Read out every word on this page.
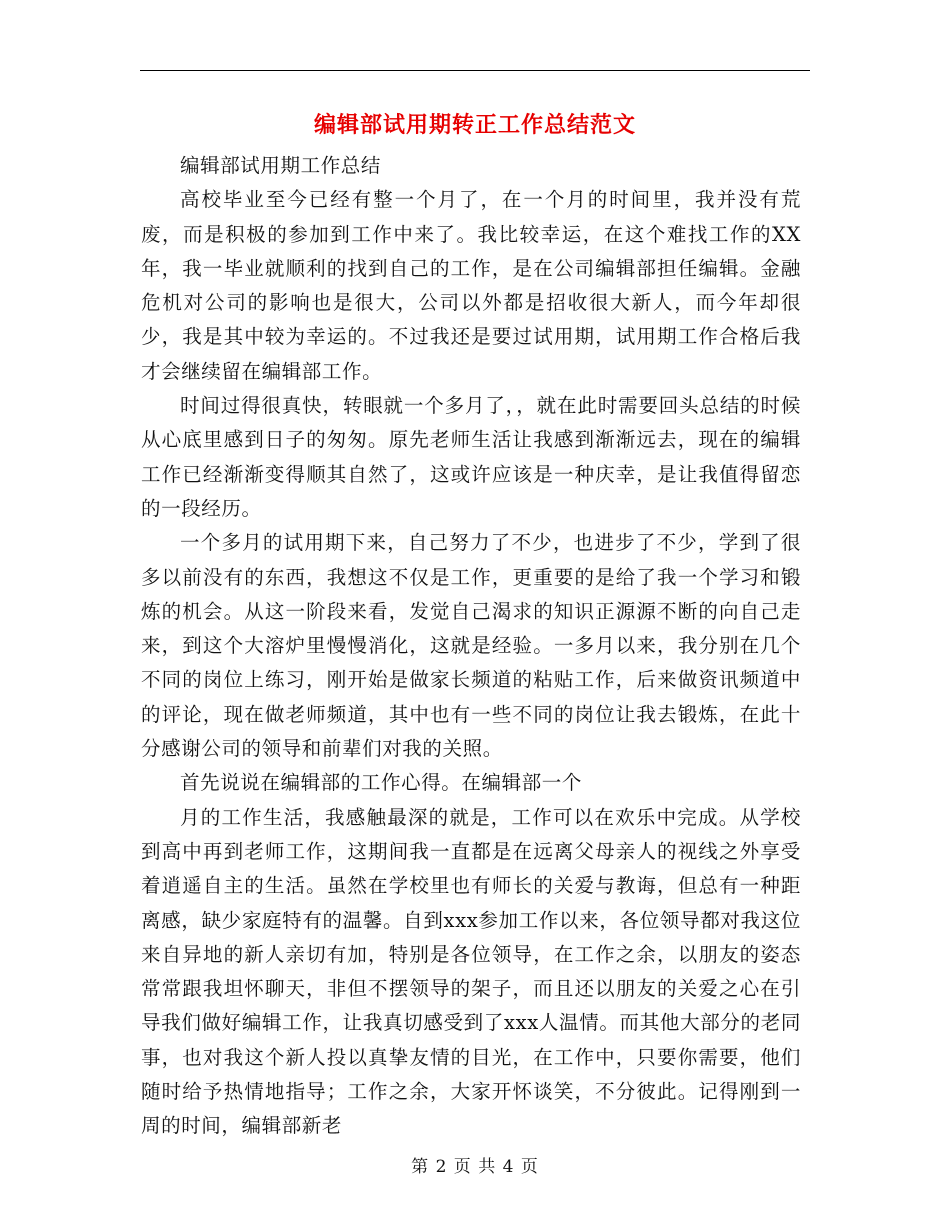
编辑部试用期转正工作总结范文

编辑部试用期工作总结

高校毕业至今已经有整一个月了，在一个月的时间里，我并没有荒废，而是积极的参加到工作中来了。我比较幸运，在这个难找工作的XX年，我一毕业就顺利的找到自己的工作，是在公司编辑部担任编辑。金融危机对公司的影响也是很大，公司以外都是招收很大新人，而今年却很少，我是其中较为幸运的。不过我还是要过试用期，试用期工作合格后我才会继续留在编辑部工作。

时间过得很真快，转眼就一个多月了，，就在此时需要回头总结的时候从心底里感到日子的匆匆。原先老师生活让我感到渐渐远去，现在的编辑工作已经渐渐变得顺其自然了，这或许应该是一种庆幸，是让我值得留恋的一段经历。

一个多月的试用期下来，自己努力了不少，也进步了不少，学到了很多以前没有的东西，我想这不仅是工作，更重要的是给了我一个学习和锻炼的机会。从这一阶段来看，发觉自己渴求的知识正源源不断的向自己走来，到这个大溶炉里慢慢消化，这就是经验。一多月以来，我分别在几个不同的岗位上练习，刚开始是做家长频道的粘贴工作，后来做资讯频道中的评论，现在做老师频道，其中也有一些不同的岗位让我去锻炼，在此十分感谢公司的领导和前辈们对我的关照。

首先说说在编辑部的工作心得。在编辑部一个

月的工作生活，我感触最深的就是，工作可以在欢乐中完成。从学校到高中再到老师工作，这期间我一直都是在远离父母亲人的视线之外享受着逍遥自主的生活。虽然在学校里也有师长的关爱与教诲，但总有一种距离感，缺少家庭特有的温馨。自到xxx参加工作以来，各位领导都对我这位来自异地的新人亲切有加，特别是各位领导，在工作之余，以朋友的姿态常常跟我坦怀聊天，非但不摆领导的架子，而且还以朋友的关爱之心在引导我们做好编辑工作，让我真切感受到了xxx人温情。而其他大部分的老同事，也对我这个新人投以真挚友情的目光，在工作中，只要你需要，他们随时给予热情地指导；工作之余，大家开怀谈笑，不分彼此。记得刚到一周的时间，编辑部新老

第 2 页 共 4 页
